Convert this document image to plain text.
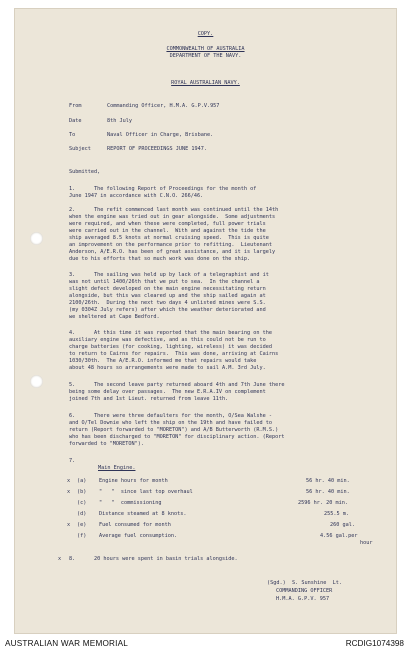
COPY.
COMMONWEALTH OF AUSTRALIA
DEPARTMENT OF THE NAVY.
ROYAL AUSTRALIAN NAVY.
From	Commanding Officer, H.M.A. G.P.V.957
Date	8th July
To	Naval Officer in Charge, Brisbane.
Subject	REPORT OF PROCEEDINGS JUNE 1947.
Submitted,
1.      The following Report of Proceedings for the month of
June 1947 in accordance with C.N.O. 266/46.
2.      The refit commenced last month was continued until the 14th
when the engine was tried out in gear alongside.  Some adjustments
were required, and when these were completed, full power trials
were carried out in the channel.  With and against the tide the
ship averaged 8.5 knots at normal cruising speed.  This is quite
an improvement on the performance prior to refitting.  Lieutenant
Anderson, A/E.R.O. has been of great assistance, and it is largely
due to his efforts that so much work was done on the ship.
3.      The sailing was held up by lack of a telegraphist and it
was not until 1400/26th that we put to sea.  In the channel a
slight defect developed on the main engine necessitating return
alongside, but this was cleared up and the ship sailed again at
2100/26th.  During the next two days 4 unlisted mines were S.S.
(my 0304Z July refers) after which the weather deteriorated and
we sheltered at Cape Bedford.
4.      At this time it was reported that the main bearing on the
auxiliary engine was defective, and as this could not be run to
charge batteries (for cooking, lighting, wireless) it was decided
to return to Cairns for repairs.  This was done, arriving at Cairns
1030/30th.  The A/E.R.O. informed me that repairs would take
about 48 hours so arrangements were made to sail A.M. 3rd July.
5.      The second leave party returned aboard 4th and 7th June there
being some delay over passages.  The new E.R.A.IV on complement
joined 7th and 1st Lieut. returned from leave 11th.
6.      There were three defaulters for the month, O/Sea Walshe -
and O/Tel Downie who left the ship on the 19th and have failed to
return (Report forwarded to "MORETON") and A/B Butterworth (R.M.S.)
who has been discharged to "MORETON" for disciplinary action. (Report
forwarded to "MORETON").
7.
Main Engine.
x (a) Engine hours for month	56 hr. 40 min.
x (b) "   "  since last top overhaul	56 hr. 40 min.
(c) "   "  commissioning	2596 hr. 20 min.
(d) Distance steamed at 8 knots.	255.5 m.
x (e) Fuel consumed for month	260 gal.
(f) Average fuel consumption.	4.56 gal.per
hour
x 8.      20 hours were spent in basin trials alongside.
(Sgd.)  S. Sunshine  Lt.
COMMANDING OFFICER
H.M.A. G.P.V. 957
AUSTRALIAN WAR MEMORIAL	RCDIG1074398
